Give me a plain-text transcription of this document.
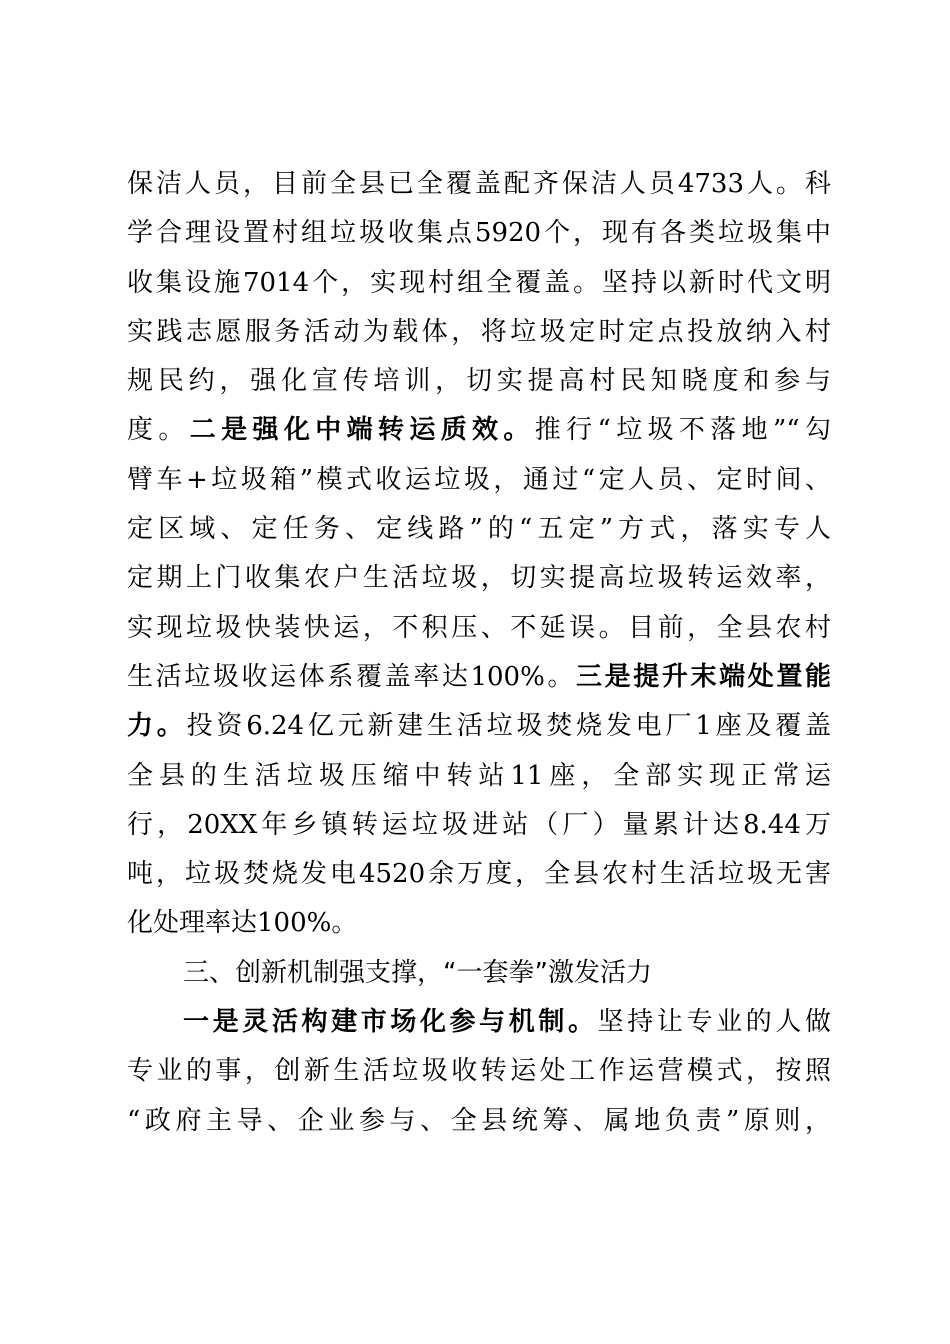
保洁人员，目前全县已全覆盖配齐保洁人员4733人。科
学合理设置村组垃圾收集点5920个，现有各类垃圾集中
收集设施7014个，实现村组全覆盖。坚持以新时代文明
实践志愿服务活动为载体，将垃圾定时定点投放纳入村
规民约，强化宣传培训，切实提高村民知晓度和参与
度。二是强化中端转运质效。推行“垃圾不落地”“勾
臂车+垃圾箱”模式收运垃圾，通过“定人员、定时间、
定区域、定任务、定线路”的“五定”方式，落实专人
定期上门收集农户生活垃圾，切实提高垃圾转运效率，
实现垃圾快装快运，不积压、不延误。目前，全县农村
生活垃圾收运体系覆盖率达100%。三是提升末端处置能
力。投资6.24亿元新建生活垃圾焚烧发电厂1座及覆盖
全县的生活垃圾压缩中转站11座，全部实现正常运
行，20XX年乡镇转运垃圾进站（厂）量累计达8.44万
吨，垃圾焚烧发电4520余万度，全县农村生活垃圾无害
化处理率达100%。
三、创新机制强支撑，“一套拳”激发活力
一是灵活构建市场化参与机制。坚持让专业的人做
专业的事，创新生活垃圾收转运处工作运营模式，按照
“政府主导、企业参与、全县统筹、属地负责”原则，
